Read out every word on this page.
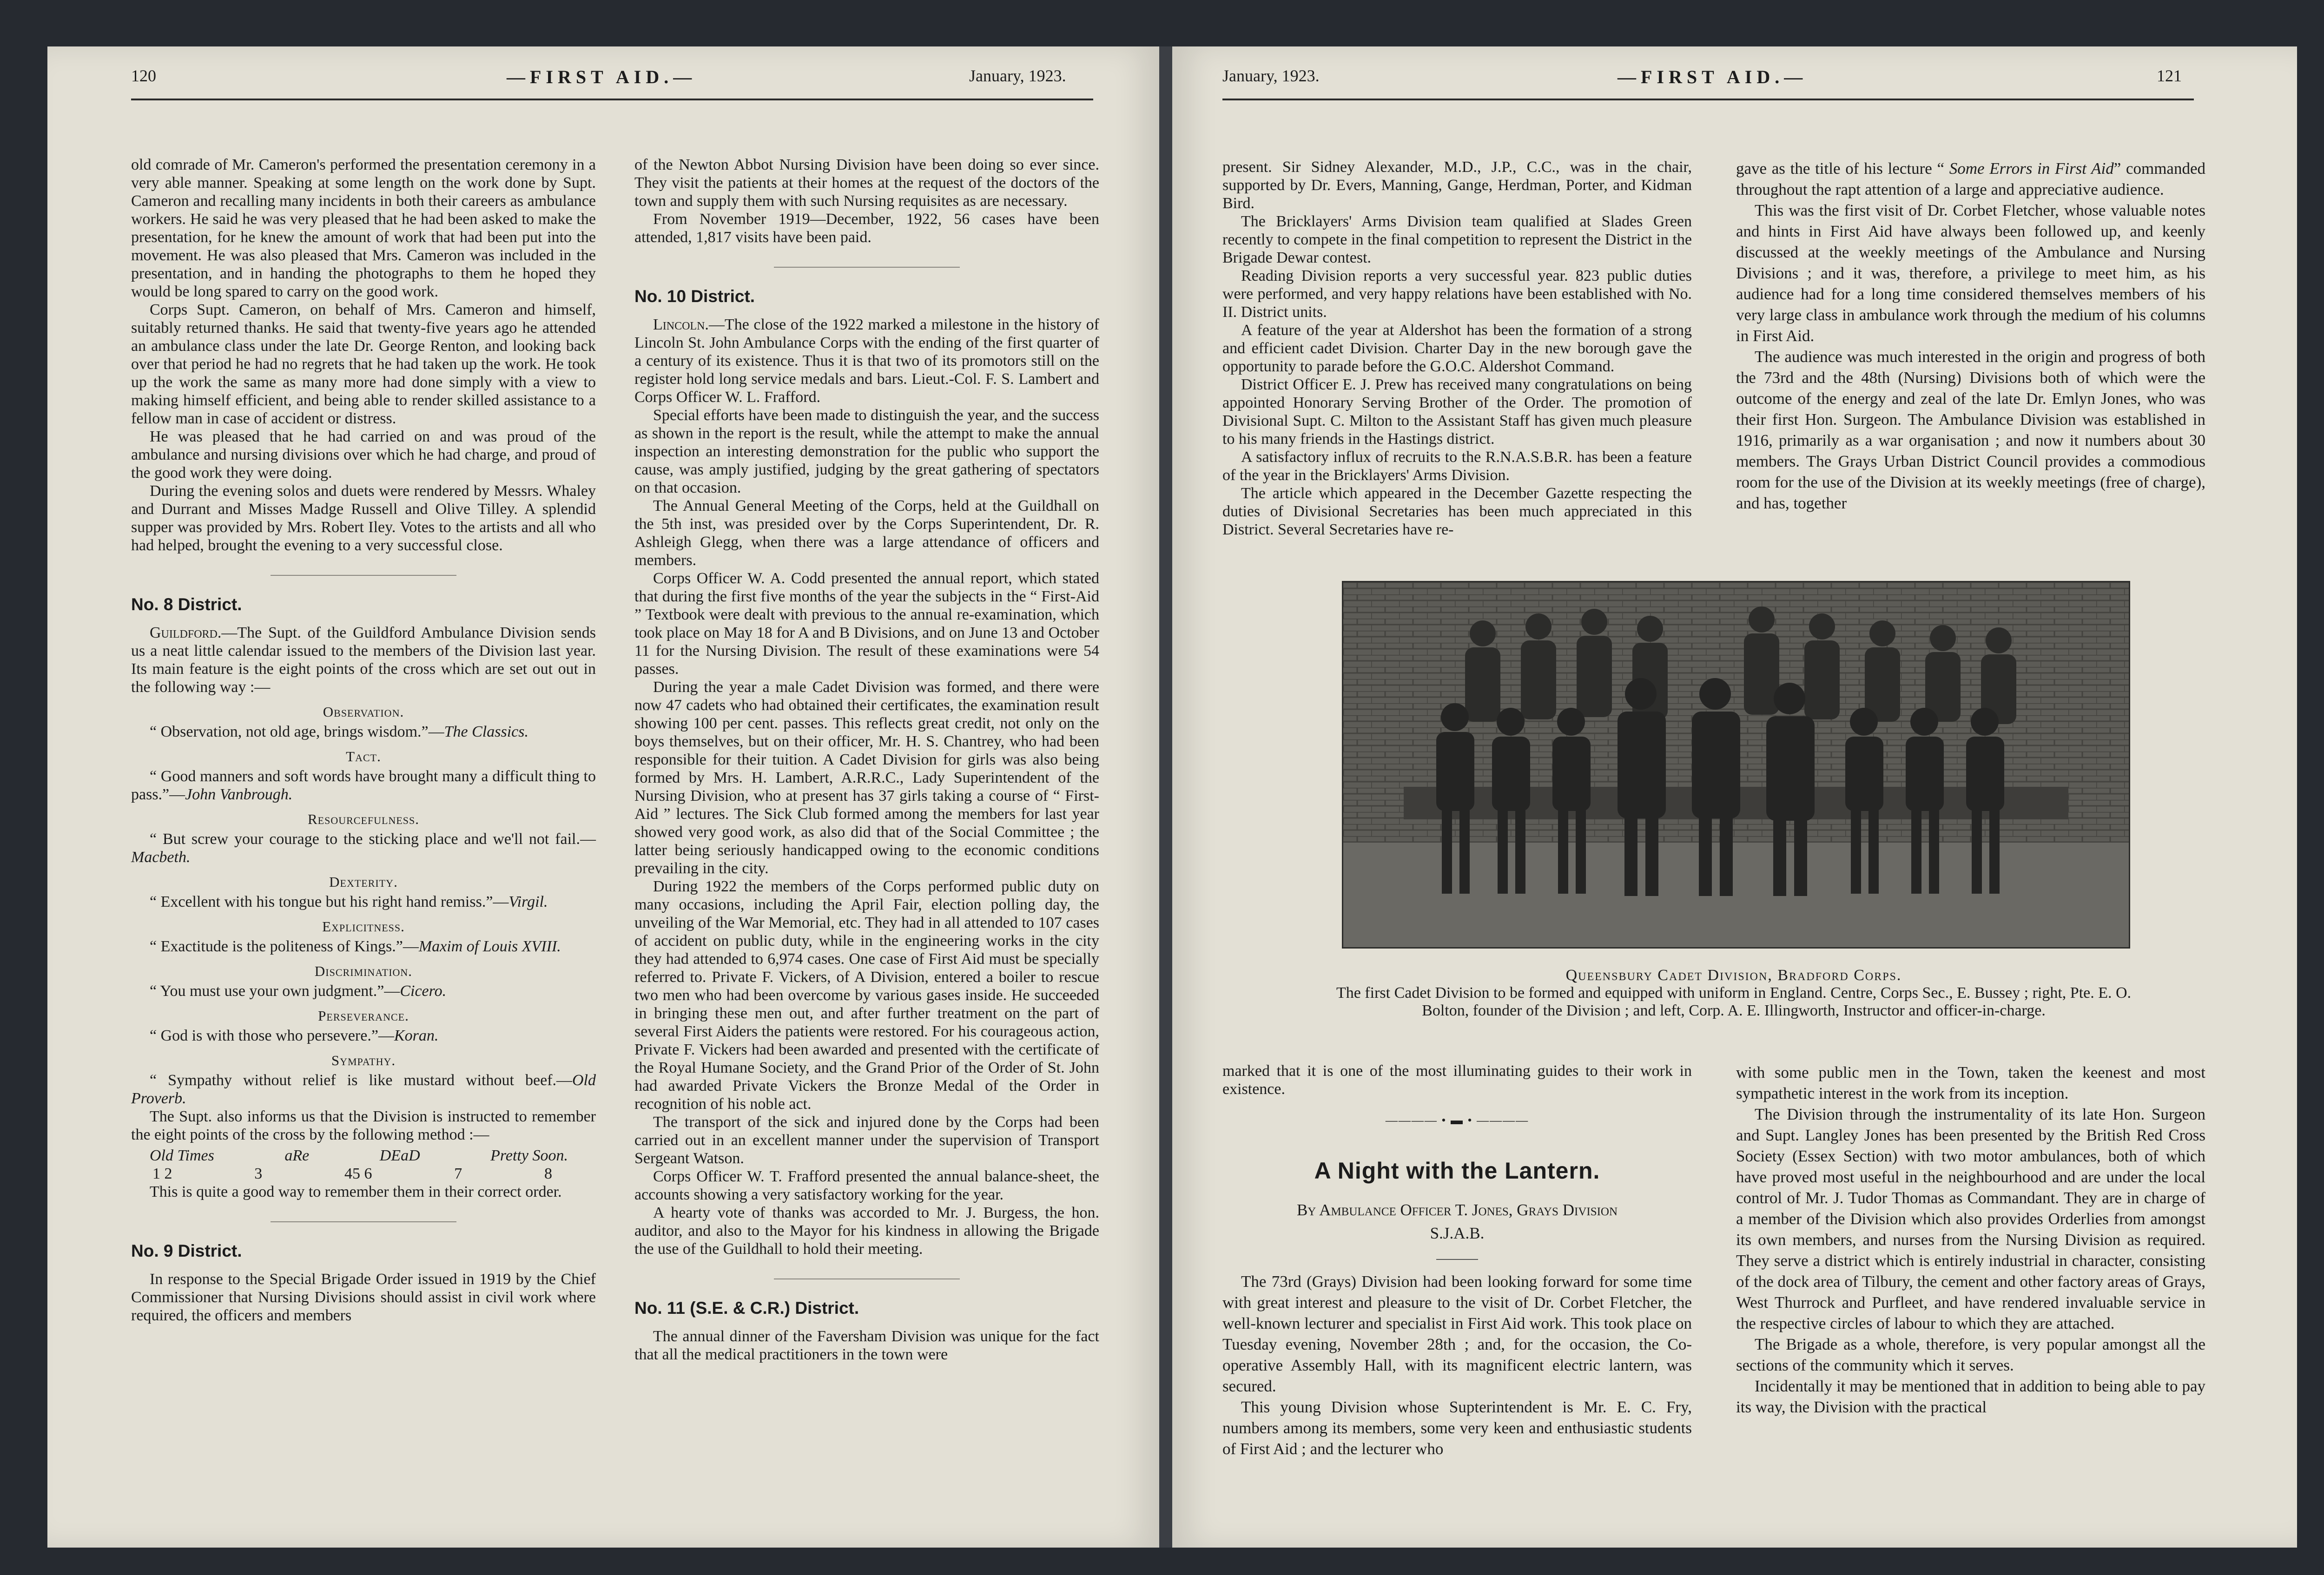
120	—FIRST AID.—	January, 1923.

old comrade of Mr. Cameron's performed the presentation ceremony in a very able manner. Speaking at some length on the work done by Supt. Cameron and recalling many incidents in both their careers as ambulance workers. He said he was very pleased that he had been asked to make the presentation, for he knew the amount of work that had been put into the movement. He was also pleased that Mrs. Cameron was included in the presentation, and in handing the photographs to them he hoped they would be long spared to carry on the good work.

Corps Supt. Cameron, on behalf of Mrs. Cameron and himself, suitably returned thanks. He said that twenty-five years ago he attended an ambulance class under the late Dr. George Renton, and looking back over that period he had no regrets that he had taken up the work. He took up the work the same as many more had done simply with a view to making himself efficient, and being able to render skilled assistance to a fellow man in case of accident or distress.

He was pleased that he had carried on and was proud of the ambulance and nursing divisions over which he had charge, and proud of the good work they were doing.

During the evening solos and duets were rendered by Messrs. Whaley and Durrant and Misses Madge Russell and Olive Tilley. A splendid supper was provided by Mrs. Robert Iley. Votes to the artists and all who had helped, brought the evening to a very successful close.

No. 8 District.

Guildford.—The Supt. of the Guildford Ambulance Division sends us a neat little calendar issued to the members of the Division last year. Its main feature is the eight points of the cross which are set out out in the following way :—

Observation.

“ Observation, not old age, brings wisdom.”—The Classics.

Tact.

“ Good manners and soft words have brought many a difficult thing to pass.”—John Vanbrough.

Resourcefulness.

“ But screw your courage to the sticking place and we'll not fail.—Macbeth.

Dexterity.

“ Excellent with his tongue but his right hand remiss.”—Virgil.

Explicitness.

“ Exactitude is the politeness of Kings.”—Maxim of Louis XVIII.

Discrimination.

“ You must use your own judgment.”—Cicero.

Perseverance.

“ God is with those who persevere.”—Koran.

Sympathy.

“ Sympathy without relief is like mustard without beef.—Old Proverb.

The Supt. also informs us that the Division is instructed to remember the eight points of the cross by the following method :—

Old Times	aRe	DEaD	Pretty Soon.
1 2	3	45 6	7	8

This is quite a good way to remember them in their correct order.

No. 9 District.

In response to the Special Brigade Order issued in 1919 by the Chief Commissioner that Nursing Divisions should assist in civil work where required, the officers and members

of the Newton Abbot Nursing Division have been doing so ever since. They visit the patients at their homes at the request of the doctors of the town and supply them with such Nursing requisites as are necessary.

From November 1919—December, 1922, 56 cases have been attended, 1,817 visits have been paid.

No. 10 District.

Lincoln.—The close of the 1922 marked a milestone in the history of Lincoln St. John Ambulance Corps with the ending of the first quarter of a century of its existence. Thus it is that two of its promotors still on the register hold long service medals and bars. Lieut.-Col. F. S. Lambert and Corps Officer W. L. Frafford.

Special efforts have been made to distinguish the year, and the success as shown in the report is the result, while the attempt to make the annual inspection an interesting demonstration for the public who support the cause, was amply justified, judging by the great gathering of spectators on that occasion.

The Annual General Meeting of the Corps, held at the Guildhall on the 5th inst, was presided over by the Corps Superintendent, Dr. R. Ashleigh Glegg, when there was a large attendance of officers and members.

Corps Officer W. A. Codd presented the annual report, which stated that during the first five months of the year the subjects in the “ First-Aid ” Textbook were dealt with previous to the annual re-examination, which took place on May 18 for A and B Divisions, and on June 13 and October 11 for the Nursing Division. The result of these examinations were 54 passes.

During the year a male Cadet Division was formed, and there were now 47 cadets who had obtained their certificates, the examination result showing 100 per cent. passes. This reflects great credit, not only on the boys themselves, but on their officer, Mr. H. S. Chantrey, who had been responsible for their tuition. A Cadet Division for girls was also being formed by Mrs. H. Lambert, A.R.R.C., Lady Superintendent of the Nursing Division, who at present has 37 girls taking a course of “ First-Aid ” lectures. The Sick Club formed among the members for last year showed very good work, as also did that of the Social Committee ; the latter being seriously handicapped owing to the economic conditions prevailing in the city.

During 1922 the members of the Corps performed public duty on many occasions, including the April Fair, election polling day, the unveiling of the War Memorial, etc. They had in all attended to 107 cases of accident on public duty, while in the engineering works in the city they had attended to 6,974 cases. One case of First Aid must be specially referred to. Private F. Vickers, of A Division, entered a boiler to rescue two men who had been overcome by various gases inside. He succeeded in bringing these men out, and after further treatment on the part of several First Aiders the patients were restored. For his courageous action, Private F. Vickers had been awarded and presented with the certificate of the Royal Humane Society, and the Grand Prior of the Order of St. John had awarded Private Vickers the Bronze Medal of the Order in recognition of his noble act.

The transport of the sick and injured done by the Corps had been carried out in an excellent manner under the supervision of Transport Sergeant Watson.

Corps Officer W. T. Frafford presented the annual balance-sheet, the accounts showing a very satisfactory working for the year.

A hearty vote of thanks was accorded to Mr. J. Burgess, the hon. auditor, and also to the Mayor for his kindness in allowing the Brigade the use of the Guildhall to hold their meeting.

No. 11 (S.E. & C.R.) District.

The annual dinner of the Faversham Division was unique for the fact that all the medical practitioners in the town were

January, 1923.	—FIRST AID.—	121

present. Sir Sidney Alexander, M.D., J.P., C.C., was in the chair, supported by Dr. Evers, Manning, Gange, Herdman, Porter, and Kidman Bird.

The Bricklayers' Arms Division team qualified at Slades Green recently to compete in the final competition to represent the District in the Brigade Dewar contest.

Reading Division reports a very successful year. 823 public duties were performed, and very happy relations have been established with No. II. District units.

A feature of the year at Aldershot has been the formation of a strong and efficient cadet Division. Charter Day in the new borough gave the opportunity to parade before the G.O.C. Aldershot Command.

District Officer E. J. Prew has received many congratulations on being appointed Honorary Serving Brother of the Order. The promotion of Divisional Supt. C. Milton to the Assistant Staff has given much pleasure to his many friends in the Hastings district.

A satisfactory influx of recruits to the R.N.A.S.B.R. has been a feature of the year in the Bricklayers' Arms Division.

The article which appeared in the December Gazette respecting the duties of Divisional Secretaries has been much appreciated in this District. Several Secretaries have re-

gave as the title of his lecture “ Some Errors in First Aid” commanded throughout the rapt attention of a large and appreciative audience.

This was the first visit of Dr. Corbet Fletcher, whose valuable notes and hints in First Aid have always been followed up, and keenly discussed at the weekly meetings of the Ambulance and Nursing Divisions ; and it was, therefore, a privilege to meet him, as his audience had for a long time considered themselves members of his very large class in ambulance work through the medium of his columns in First Aid.

The audience was much interested in the origin and progress of both the 73rd and the 48th (Nursing) Divisions both of which were the outcome of the energy and zeal of the late Dr. Emlyn Jones, who was their first Hon. Surgeon. The Ambulance Division was established in 1916, primarily as a war organisation ; and now it numbers about 30 members. The Grays Urban District Council provides a commodious room for the use of the Division at its weekly meetings (free of charge), and has, together

Queensbury Cadet Division, Bradford Corps.
The first Cadet Division to be formed and equipped with uniform in England. Centre, Corps Sec., E. Bussey ; right, Pte. E. O. Bolton, founder of the Division ; and left, Corp. A. E. Illingworth, Instructor and officer-in-charge.

marked that it is one of the most illuminating guides to their work in existence.

———— • ▬ • ————
A Night with the Lantern.
By Ambulance Officer T. Jones, Grays Division
S.J.A.B.

The 73rd (Grays) Division had been looking forward for some time with great interest and pleasure to the visit of Dr. Corbet Fletcher, the well-known lecturer and specialist in First Aid work. This took place on Tuesday evening, November 28th ; and, for the occasion, the Co-operative Assembly Hall, with its magnificent electric lantern, was secured.

This young Division whose Supterintendent is Mr. E. C. Fry, numbers among its members, some very keen and enthusiastic students of First Aid ; and the lecturer who

with some public men in the Town, taken the keenest and most sympathetic interest in the work from its inception.

The Division through the instrumentality of its late Hon. Surgeon and Supt. Langley Jones has been presented by the British Red Cross Society (Essex Section) with two motor ambulances, both of which have proved most useful in the neighbourhood and are under the local control of Mr. J. Tudor Thomas as Commandant. They are in charge of a member of the Division which also provides Orderlies from amongst its own members, and nurses from the Nursing Division as required. They serve a district which is entirely industrial in character, consisting of the dock area of Tilbury, the cement and other factory areas of Grays, West Thurrock and Purfleet, and have rendered invaluable service in the respective circles of labour to which they are attached.

The Brigade as a whole, therefore, is very popular amongst all the sections of the community which it serves.

Incidentally it may be mentioned that in addition to being able to pay its way, the Division with the practical
